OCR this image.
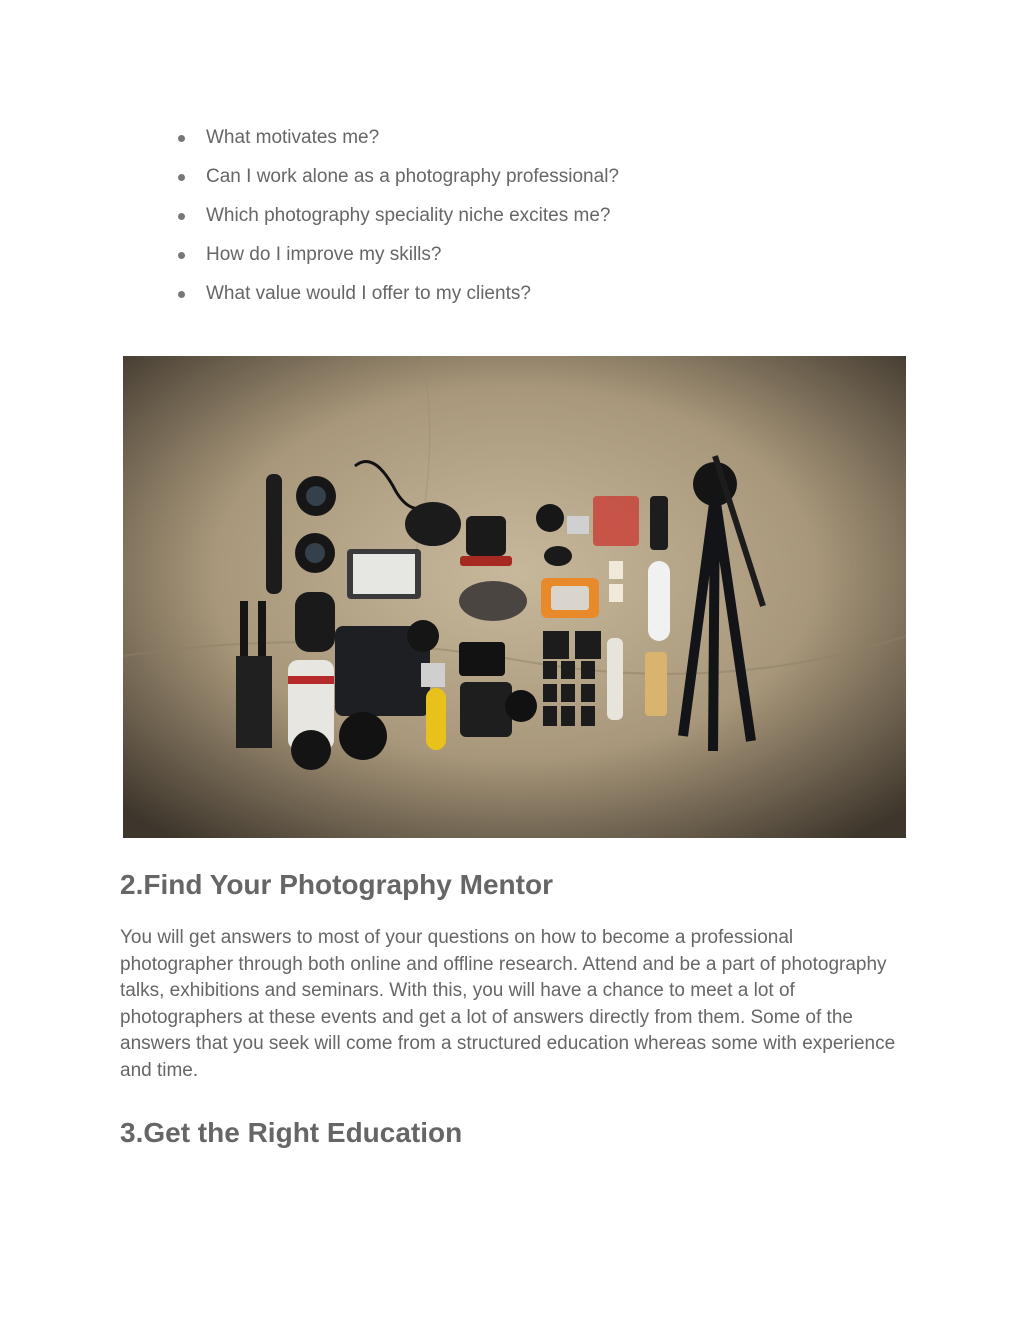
What motivates me?
Can I work alone as a photography professional?
Which photography speciality niche excites me?
How do I improve my skills?
What value would I offer to my clients?
2.Find Your Photography Mentor

You will get answers to most of your questions on how to become a professional photographer through both online and offline research. Attend and be a part of photography talks, exhibitions and seminars. With this, you will have a chance to meet a lot of photographers at these events and get a lot of answers directly from them. Some of the answers that you seek will come from a structured education whereas some with experience and time.

3.Get the Right Education
